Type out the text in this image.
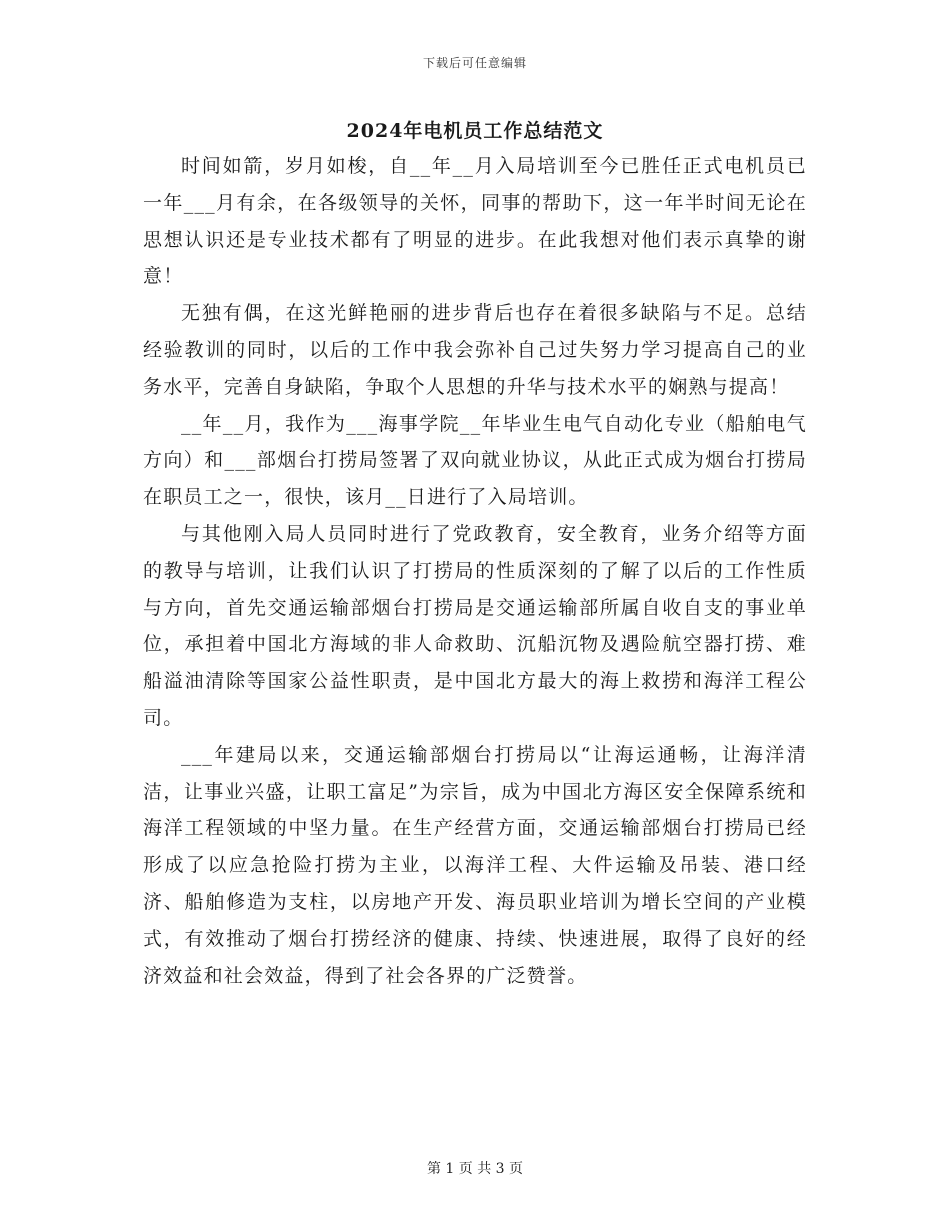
下载后可任意编辑
2024年电机员工作总结范文

时间如箭，岁月如梭，自__年__月入局培训至今已胜任正式电机员已一年___月有余，在各级领导的关怀，同事的帮助下，这一年半时间无论在思想认识还是专业技术都有了明显的进步。在此我想对他们表示真挚的谢意！

无独有偶，在这光鲜艳丽的进步背后也存在着很多缺陷与不足。总结经验教训的同时，以后的工作中我会弥补自己过失努力学习提高自己的业务水平，完善自身缺陷，争取个人思想的升华与技术水平的娴熟与提高！

__年__月，我作为___海事学院__年毕业生电气自动化专业（船舶电气方向）和___部烟台打捞局签署了双向就业协议，从此正式成为烟台打捞局在职员工之一，很快，该月__日进行了入局培训。

与其他刚入局人员同时进行了党政教育，安全教育，业务介绍等方面的教导与培训，让我们认识了打捞局的性质深刻的了解了以后的工作性质与方向，首先交通运输部烟台打捞局是交通运输部所属自收自支的事业单位，承担着中国北方海域的非人命救助、沉船沉物及遇险航空器打捞、难船溢油清除等国家公益性职责，是中国北方最大的海上救捞和海洋工程公司。

___年建局以来，交通运输部烟台打捞局以“让海运通畅，让海洋清洁，让事业兴盛，让职工富足”为宗旨，成为中国北方海区安全保障系统和海洋工程领域的中坚力量。在生产经营方面，交通运输部烟台打捞局已经形成了以应急抢险打捞为主业，以海洋工程、大件运输及吊装、港口经济、船舶修造为支柱，以房地产开发、海员职业培训为增长空间的产业模式，有效推动了烟台打捞经济的健康、持续、快速进展，取得了良好的经济效益和社会效益，得到了社会各界的广泛赞誉。

第 1 页 共 3 页
